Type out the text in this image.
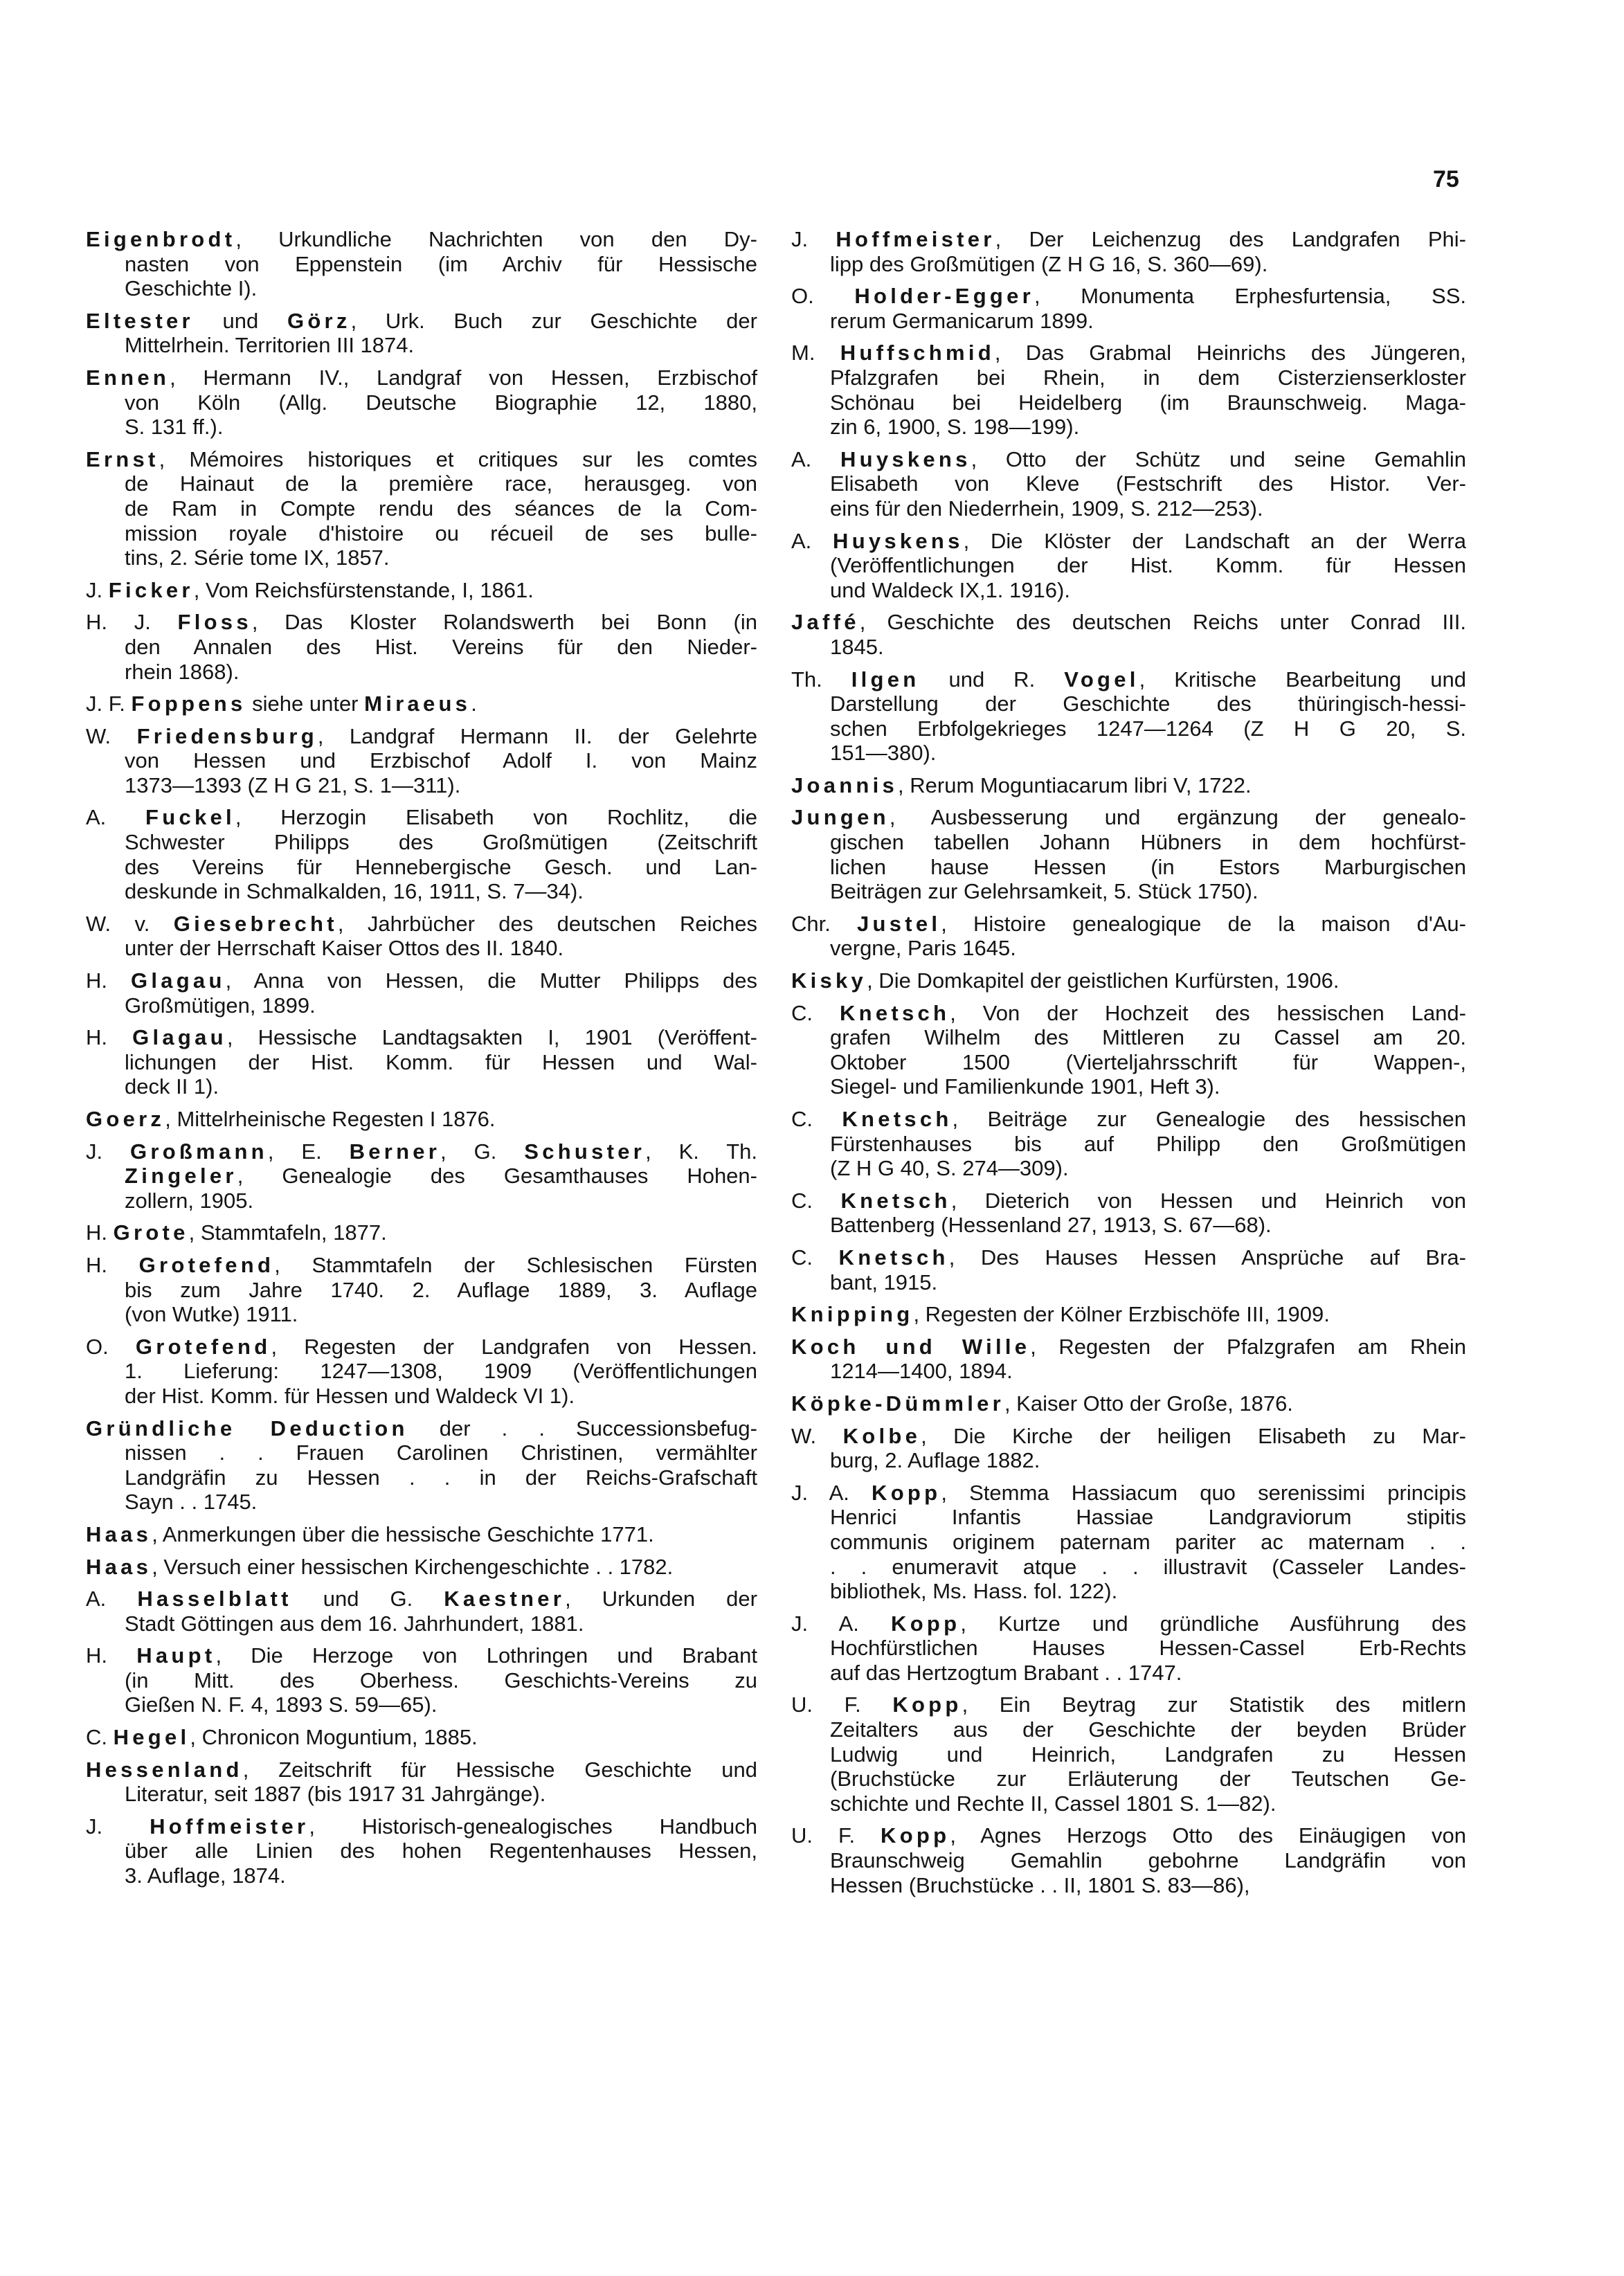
75
Eigenbrodt, Urkundliche Nachrichten von den Dy-
nasten von Eppenstein (im Archiv für Hessische
Geschichte I).
Eltester und Görz, Urk. Buch zur Geschichte der
Mittelrhein. Territorien III 1874.
Ennen, Hermann IV., Landgraf von Hessen, Erzbischof
von Köln (Allg. Deutsche Biographie 12, 1880,
S. 131 ff.).
Ernst, Mémoires historiques et critiques sur les comtes
de Hainaut de la première race, herausgeg. von
de Ram in Compte rendu des séances de la Com-
mission royale d'histoire ou récueil de ses bulle-
tins, 2. Série tome IX, 1857.
J. Ficker, Vom Reichsfürstenstande, I, 1861.
H. J. Floss, Das Kloster Rolandswerth bei Bonn (in
den Annalen des Hist. Vereins für den Nieder-
rhein 1868).
J. F. Foppens siehe unter Miraeus.
W. Friedensburg, Landgraf Hermann II. der Gelehrte
von Hessen und Erzbischof Adolf I. von Mainz
1373—1393 (Z H G 21, S. 1—311).
A. Fuckel, Herzogin Elisabeth von Rochlitz, die
Schwester Philipps des Großmütigen (Zeitschrift
des Vereins für Hennebergische Gesch. und Lan-
deskunde in Schmalkalden, 16, 1911, S. 7—34).
W. v. Giesebrecht, Jahrbücher des deutschen Reiches
unter der Herrschaft Kaiser Ottos des II. 1840.
H. Glagau, Anna von Hessen, die Mutter Philipps des
Großmütigen, 1899.
H. Glagau, Hessische Landtagsakten I, 1901 (Veröffent-
lichungen der Hist. Komm. für Hessen und Wal-
deck II 1).
Goerz, Mittelrheinische Regesten I 1876.
J. Großmann, E. Berner, G. Schuster, K. Th.
Zingeler, Genealogie des Gesamthauses Hohen-
zollern, 1905.
H. Grote, Stammtafeln, 1877.
H. Grotefend, Stammtafeln der Schlesischen Fürsten
bis zum Jahre 1740. 2. Auflage 1889, 3. Auflage
(von Wutke) 1911.
O. Grotefend, Regesten der Landgrafen von Hessen.
1. Lieferung: 1247—1308, 1909 (Veröffentlichungen
der Hist. Komm. für Hessen und Waldeck VI 1).
Gründliche Deduction der . . Successionsbefug-
nissen . . Frauen Carolinen Christinen, vermählter
Landgräfin zu Hessen . . in der Reichs-Grafschaft
Sayn . . 1745.
Haas, Anmerkungen über die hessische Geschichte 1771.
Haas, Versuch einer hessischen Kirchengeschichte . . 1782.
A. Hasselblatt und G. Kaestner, Urkunden der
Stadt Göttingen aus dem 16. Jahrhundert, 1881.
H. Haupt, Die Herzoge von Lothringen und Brabant
(in Mitt. des Oberhess. Geschichts-Vereins zu
Gießen N. F. 4, 1893 S. 59—65).
C. Hegel, Chronicon Moguntium, 1885.
Hessenland, Zeitschrift für Hessische Geschichte und
Literatur, seit 1887 (bis 1917 31 Jahrgänge).
J. Hoffmeister, Historisch-genealogisches Handbuch
über alle Linien des hohen Regentenhauses Hessen,
3. Auflage, 1874.
J. Hoffmeister, Der Leichenzug des Landgrafen Phi-
lipp des Großmütigen (Z H G 16, S. 360—69).
O. Holder-Egger, Monumenta Erphesfurtensia, SS.
rerum Germanicarum 1899.
M. Huffschmid, Das Grabmal Heinrichs des Jüngeren,
Pfalzgrafen bei Rhein, in dem Cisterzienserkloster
Schönau bei Heidelberg (im Braunschweig. Maga-
zin 6, 1900, S. 198—199).
A. Huyskens, Otto der Schütz und seine Gemahlin
Elisabeth von Kleve (Festschrift des Histor. Ver-
eins für den Niederrhein, 1909, S. 212—253).
A. Huyskens, Die Klöster der Landschaft an der Werra
(Veröffentlichungen der Hist. Komm. für Hessen
und Waldeck IX,1. 1916).
Jaffé, Geschichte des deutschen Reichs unter Conrad III.
1845.
Th. Ilgen und R. Vogel, Kritische Bearbeitung und
Darstellung der Geschichte des thüringisch-hessi-
schen Erbfolgekrieges 1247—1264 (Z H G 20, S.
151—380).
Joannis, Rerum Moguntiacarum libri V, 1722.
Jungen, Ausbesserung und ergänzung der genealo-
gischen tabellen Johann Hübners in dem hochfürst-
lichen hause Hessen (in Estors Marburgischen
Beiträgen zur Gelehrsamkeit, 5. Stück 1750).
Chr. Justel, Histoire genealogique de la maison d'Au-
vergne, Paris 1645.
Kisky, Die Domkapitel der geistlichen Kurfürsten, 1906.
C. Knetsch, Von der Hochzeit des hessischen Land-
grafen Wilhelm des Mittleren zu Cassel am 20.
Oktober 1500 (Vierteljahrsschrift für Wappen-,
Siegel- und Familienkunde 1901, Heft 3).
C. Knetsch, Beiträge zur Genealogie des hessischen
Fürstenhauses bis auf Philipp den Großmütigen
(Z H G 40, S. 274—309).
C. Knetsch, Dieterich von Hessen und Heinrich von
Battenberg (Hessenland 27, 1913, S. 67—68).
C. Knetsch, Des Hauses Hessen Ansprüche auf Bra-
bant, 1915.
Knipping, Regesten der Kölner Erzbischöfe III, 1909.
Koch und Wille, Regesten der Pfalzgrafen am Rhein
1214—1400, 1894.
Köpke-Dümmler, Kaiser Otto der Große, 1876.
W. Kolbe, Die Kirche der heiligen Elisabeth zu Mar-
burg, 2. Auflage 1882.
J. A. Kopp, Stemma Hassiacum quo serenissimi principis
Henrici Infantis Hassiae Landgraviorum stipitis
communis originem paternam pariter ac maternam . .
. . enumeravit atque . . illustravit (Casseler Landes-
bibliothek, Ms. Hass. fol. 122).
J. A. Kopp, Kurtze und gründliche Ausführung des
Hochfürstlichen Hauses Hessen-Cassel Erb-Rechts
auf das Hertzogtum Brabant . . 1747.
U. F. Kopp, Ein Beytrag zur Statistik des mitlern
Zeitalters aus der Geschichte der beyden Brüder
Ludwig und Heinrich, Landgrafen zu Hessen
(Bruchstücke zur Erläuterung der Teutschen Ge-
schichte und Rechte II, Cassel 1801 S. 1—82).
U. F. Kopp, Agnes Herzogs Otto des Einäugigen von
Braunschweig Gemahlin gebohrne Landgräfin von
Hessen (Bruchstücke . . II, 1801 S. 83—86),
